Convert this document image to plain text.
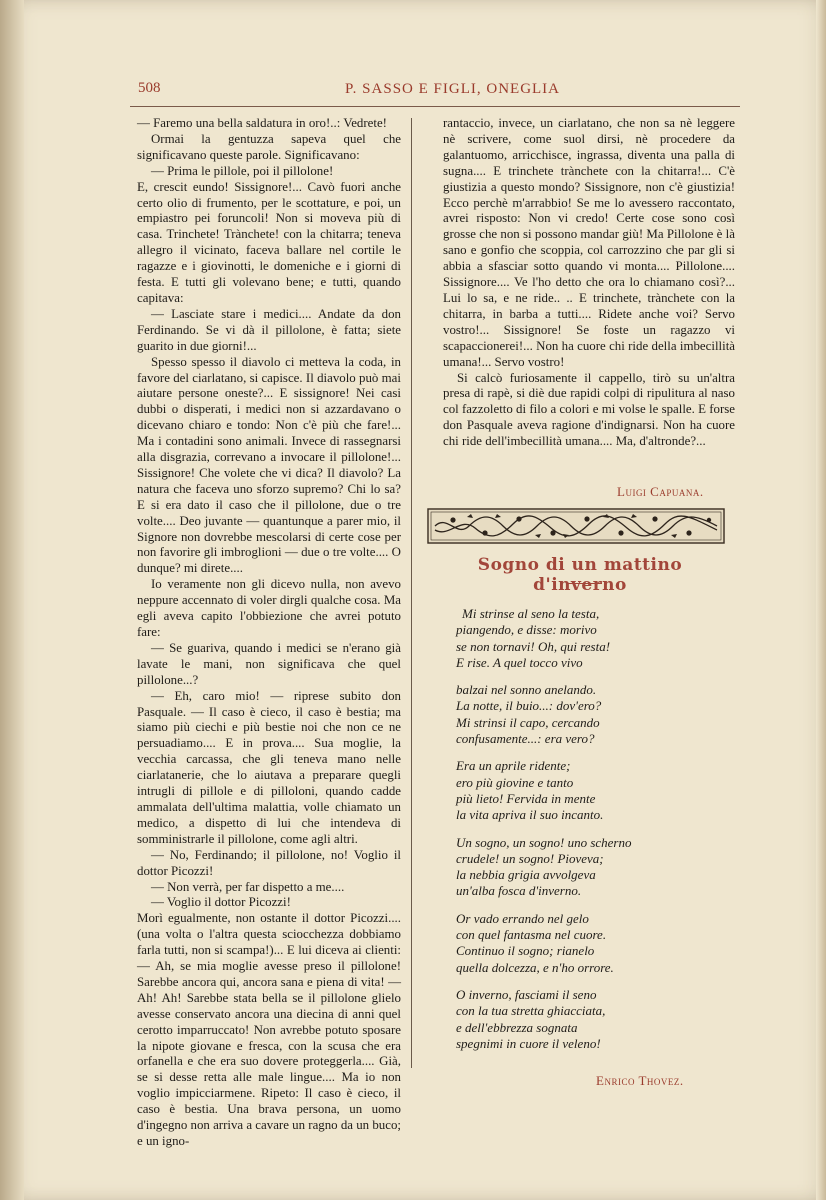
508	P. SASSO E FIGLI, ONEGLIA

— Faremo una bella saldatura in oro!..: Vedrete!

Ormai la gentuzza sapeva quel che significavano queste parole. Significavano:

— Prima le pillole, poi il pillolone!

E, crescit eundo! Sissignore!... Cavò fuori anche certo olio di frumento, per le scottature, e poi, un empiastro pei foruncoli! Non si moveva più di casa. Trinchete! Trànchete! con la chitarra; teneva allegro il vicinato, faceva ballare nel cortile le ragazze e i giovinotti, le domeniche e i giorni di festa. E tutti gli volevano bene; e tutti, quando capitava:

— Lasciate stare i medici.... Andate da don Ferdinando. Se vi dà il pillolone, è fatta; siete guarito in due giorni!...

Spesso spesso il diavolo ci metteva la coda, in favore del ciarlatano, si capisce. Il diavolo può mai aiutare persone oneste?... E sissignore! Nei casi dubbi o disperati, i medici non si azzardavano o dicevano chiaro e tondo: Non c'è più che fare!... Ma i contadini sono animali. Invece di rassegnarsi alla disgrazia, correvano a invocare il pillolone!... Sissignore! Che volete che vi dica? Il diavolo? La natura che faceva uno sforzo supremo? Chi lo sa? E si era dato il caso che il pillolone, due o tre volte.... Deo juvante — quantunque a parer mio, il Signore non dovrebbe mescolarsi di certe cose per non favorire gli imbroglioni — due o tre volte.... O dunque? mi direte....

Io veramente non gli dicevo nulla, non avevo neppure accennato di voler dirgli qualche cosa. Ma egli aveva capito l'obbiezione che avrei potuto fare:

— Se guariva, quando i medici se n'erano già lavate le mani, non significava che quel pillolone...?

— Eh, caro mio! — riprese subito don Pasquale. — Il caso è cieco, il caso è bestia; ma siamo più ciechi e più bestie noi che non ce ne persuadiamo.... E in prova.... Sua moglie, la vecchia carcassa, che gli teneva mano nelle ciarlatanerie, che lo aiutava a preparare quegli intrugli di pillole e di pilloloni, quando cadde ammalata dell'ultima malattia, volle chiamato un medico, a dispetto di lui che intendeva di somministrarle il pillolone, come agli altri.

— No, Ferdinando; il pillolone, no! Voglio il dottor Picozzi!

— Non verrà, per far dispetto a me....

— Voglio il dottor Picozzi!

Morì egualmente, non ostante il dottor Picozzi.... (una volta o l'altra questa sciocchezza dobbiamo farla tutti, non si scampa!)... E lui diceva ai clienti: — Ah, se mia moglie avesse preso il pillolone! Sarebbe ancora qui, ancora sana e piena di vita! — Ah! Ah! Sarebbe stata bella se il pillolone glielo avesse conservato ancora una diecina di anni quel cerotto imparruccato! Non avrebbe potuto sposare la nipote giovane e fresca, con la scusa che era orfanella e che era suo dovere proteggerla.... Già, se si desse retta alle male lingue.... Ma io non voglio impicciarmene. Ripeto: Il caso è cieco, il caso è bestia. Una brava persona, un uomo d'ingegno non arriva a cavare un ragno da un buco; e un igno-

rantaccio, invece, un ciarlatano, che non sa nè leggere nè scrivere, come suol dirsi, nè procedere da galantuomo, arricchisce, ingrassa, diventa una palla di sugna.... E trinchete trànchete con la chitarra!... C'è giustizia a questo mondo? Sissignore, non c'è giustizia! Ecco perchè m'arrabbio! Se me lo avessero raccontato, avrei risposto: Non vi credo! Certe cose sono così grosse che non si possono mandar giù! Ma Pillolone è là sano e gonfio che scoppia, col carrozzino che par gli si abbia a sfasciar sotto quando vi monta.... Pillolone.... Sissignore.... Ve l'ho detto che ora lo chiamano così?... Lui lo sa, e ne ride.. .. E trinchete, trànchete con la chitarra, in barba a tutti.... Ridete anche voi? Servo vostro!... Sissignore! Se foste un ragazzo vi scapaccionerei!... Non ha cuore chi ride della imbecillità umana!... Servo vostro!

Si calcò furiosamente il cappello, tirò su un'altra presa di rapè, si diè due rapidi colpi di ripulitura al naso col fazzoletto di filo a colori e mi volse le spalle. E forse don Pasquale aveva ragione d'indignarsi. Non ha cuore chi ride dell'imbecillità umana.... Ma, d'altronde?...

Luigi Capuana.
Sogno di un mattino d'inverno
Mi strinse al seno la testa,
piangendo, e disse: morivo
se non tornavi! Oh, qui resta!
E rise. A quel tocco vivo
balzai nel sonno anelando.
La notte, il buio...: dov'ero?
Mi strinsi il capo, cercando
confusamente...: era vero?
Era un aprile ridente;
ero più giovine e tanto
più lieto! Fervida in mente
la vita apriva il suo incanto.
Un sogno, un sogno! uno scherno
crudele! un sogno! Pioveva;
la nebbia grigia avvolgeva
un'alba fosca d'inverno.
Or vado errando nel gelo
con quel fantasma nel cuore.
Continuo il sogno; rianelo
quella dolcezza, e n'ho orrore.
O inverno, fasciami il seno
con la tua stretta ghiacciata,
e dell'ebbrezza sognata
spegnimi in cuore il veleno!
Enrico Thovez.
